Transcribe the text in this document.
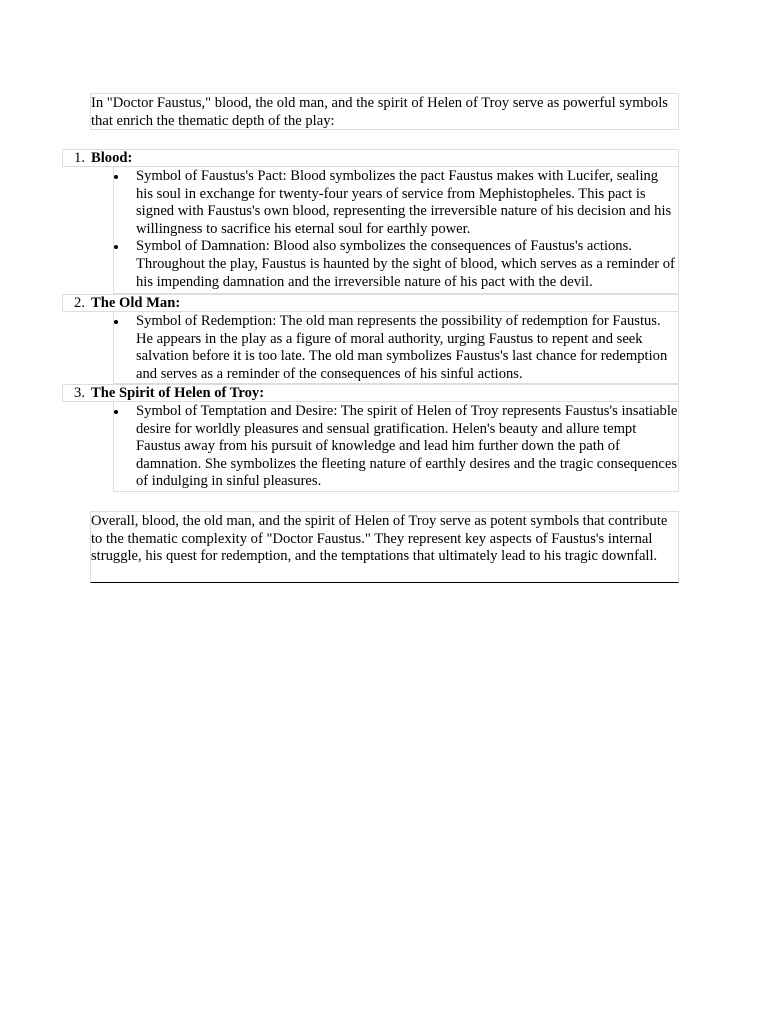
In "Doctor Faustus," blood, the old man, and the spirit of Helen of Troy serve as powerful symbols that enrich the thematic depth of the play:
1. Blood:
Symbol of Faustus's Pact: Blood symbolizes the pact Faustus makes with Lucifer, sealing his soul in exchange for twenty-four years of service from Mephistopheles. This pact is signed with Faustus's own blood, representing the irreversible nature of his decision and his willingness to sacrifice his eternal soul for earthly power.
Symbol of Damnation: Blood also symbolizes the consequences of Faustus's actions. Throughout the play, Faustus is haunted by the sight of blood, which serves as a reminder of his impending damnation and the irreversible nature of his pact with the devil.
2. The Old Man:
Symbol of Redemption: The old man represents the possibility of redemption for Faustus. He appears in the play as a figure of moral authority, urging Faustus to repent and seek salvation before it is too late. The old man symbolizes Faustus's last chance for redemption and serves as a reminder of the consequences of his sinful actions.
3. The Spirit of Helen of Troy:
Symbol of Temptation and Desire: The spirit of Helen of Troy represents Faustus's insatiable desire for worldly pleasures and sensual gratification. Helen's beauty and allure tempt Faustus away from his pursuit of knowledge and lead him further down the path of damnation. She symbolizes the fleeting nature of earthly desires and the tragic consequences of indulging in sinful pleasures.
Overall, blood, the old man, and the spirit of Helen of Troy serve as potent symbols that contribute to the thematic complexity of "Doctor Faustus." They represent key aspects of Faustus's internal struggle, his quest for redemption, and the temptations that ultimately lead to his tragic downfall.
